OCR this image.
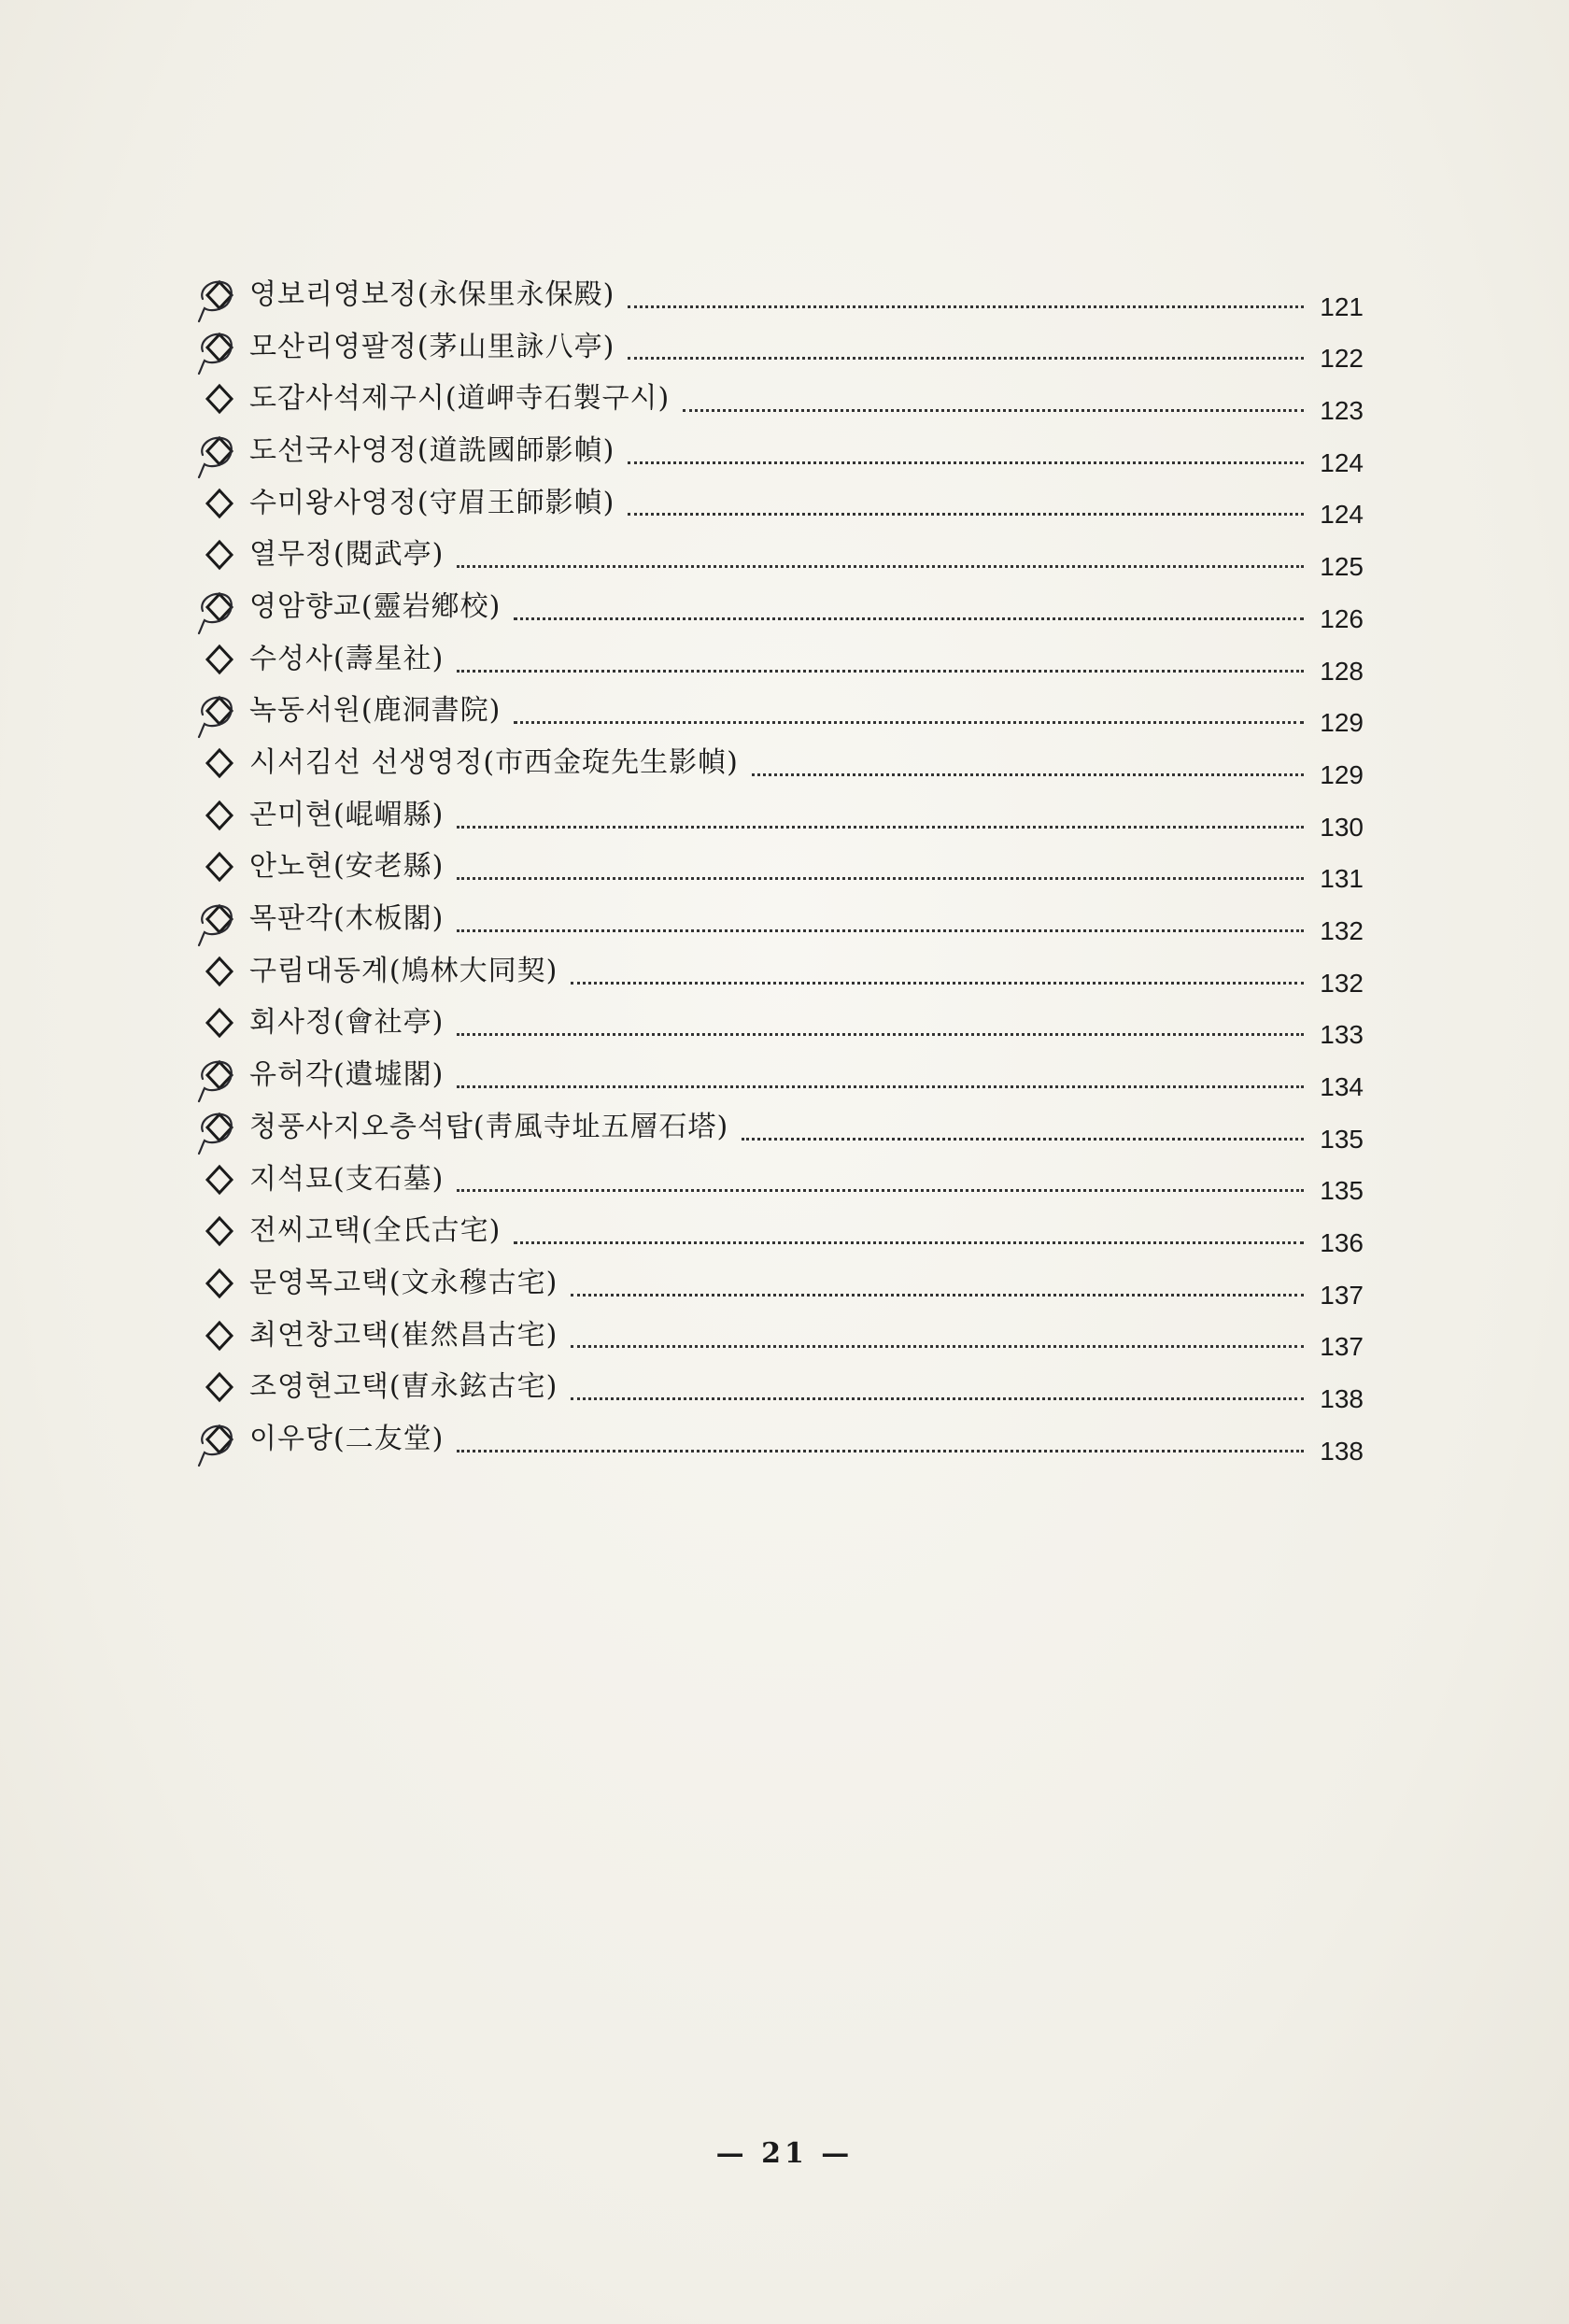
영보리영보정(永保里永保殿)	121
모산리영팔정(茅山里詠八亭)	122
도갑사석제구시(道岬寺石製구시)	123
도선국사영정(道詵國師影幀)	124
수미왕사영정(守眉王師影幀)	124
열무정(閱武亭)	125
영암향교(靈岩鄕校)	126
수성사(壽星社)	128
녹동서원(鹿洞書院)	129
시서김선 선생영정(市西金琁先生影幀)	129
곤미현(崐嵋縣)	130
안노현(安老縣)	131
목판각(木板閣)	132
구림대동계(鳩林大同契)	132
회사정(會社亭)	133
유허각(遺墟閣)	134
청풍사지오층석탑(靑風寺址五層石塔)	135
지석묘(支石墓)	135
전씨고택(全氏古宅)	136
문영목고택(文永穆古宅)	137
최연창고택(崔然昌古宅)	137
조영현고택(曺永鉉古宅)	138
이우당(二友堂)	138
— 21 —
